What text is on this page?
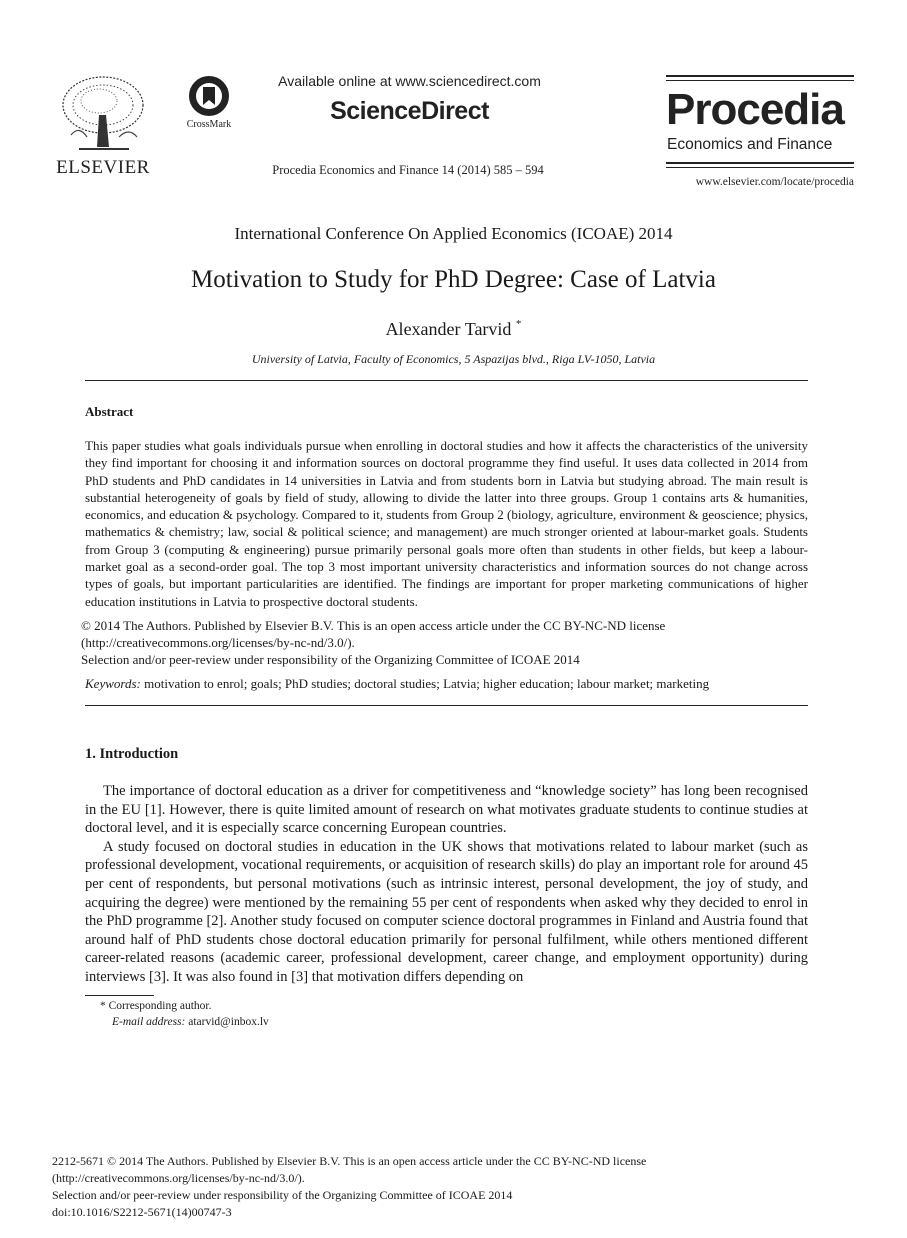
ELSEVIER
CrossMark
Available online at www.sciencedirect.com
ScienceDirect
Procedia Economics and Finance 14 (2014) 585 – 594
Procedia
Economics and Finance
www.elsevier.com/locate/procedia
International Conference On Applied Economics (ICOAE) 2014
Motivation to Study for PhD Degree: Case of Latvia
Alexander Tarvid *
University of Latvia, Faculty of Economics, 5 Aspazijas blvd., Riga LV-1050, Latvia
Abstract
This paper studies what goals individuals pursue when enrolling in doctoral studies and how it affects the characteristics of the university they find important for choosing it and information sources on doctoral programme they find useful. It uses data collected in 2014 from PhD students and PhD candidates in 14 universities in Latvia and from students born in Latvia but studying abroad. The main result is substantial heterogeneity of goals by field of study, allowing to divide the latter into three groups. Group 1 contains arts & humanities, economics, and education & psychology. Compared to it, students from Group 2 (biology, agriculture, environment & geoscience; physics, mathematics & chemistry; law, social & political science; and management) are much stronger oriented at labour-market goals. Students from Group 3 (computing & engineering) pursue primarily personal goals more often than students in other fields, but keep a labour-market goal as a second-order goal. The top 3 most important university characteristics and information sources do not change across types of goals, but important particularities are identified. The findings are important for proper marketing communications of higher education institutions in Latvia to prospective doctoral students.
© 2014 The Authors. Published by Elsevier B.V. This is an open access article under the CC BY-NC-ND license
(http://creativecommons.org/licenses/by-nc-nd/3.0/).
Selection and/or peer-review under responsibility of the Organizing Committee of ICOAE 2014
Keywords: motivation to enrol; goals; PhD studies; doctoral studies; Latvia; higher education; labour market; marketing
1. Introduction

The importance of doctoral education as a driver for competitiveness and “knowledge society” has long been recognised in the EU [1]. However, there is quite limited amount of research on what motivates graduate students to continue studies at doctoral level, and it is especially scarce concerning European countries.

A study focused on doctoral studies in education in the UK shows that motivations related to labour market (such as professional development, vocational requirements, or acquisition of research skills) do play an important role for around 45 per cent of respondents, but personal motivations (such as intrinsic interest, personal development, the joy of study, and acquiring the degree) were mentioned by the remaining 55 per cent of respondents when asked why they decided to enrol in the PhD programme [2]. Another study focused on computer science doctoral programmes in Finland and Austria found that around half of PhD students chose doctoral education primarily for personal fulfilment, while others mentioned different career-related reasons (academic career, professional development, career change, and employment opportunity) during interviews [3]. It was also found in [3] that motivation differs depending on

* Corresponding author.
E-mail address: atarvid@inbox.lv
2212-5671 © 2014 The Authors. Published by Elsevier B.V. This is an open access article under the CC BY-NC-ND license
(http://creativecommons.org/licenses/by-nc-nd/3.0/).
Selection and/or peer-review under responsibility of the Organizing Committee of ICOAE 2014
doi:10.1016/S2212-5671(14)00747-3
